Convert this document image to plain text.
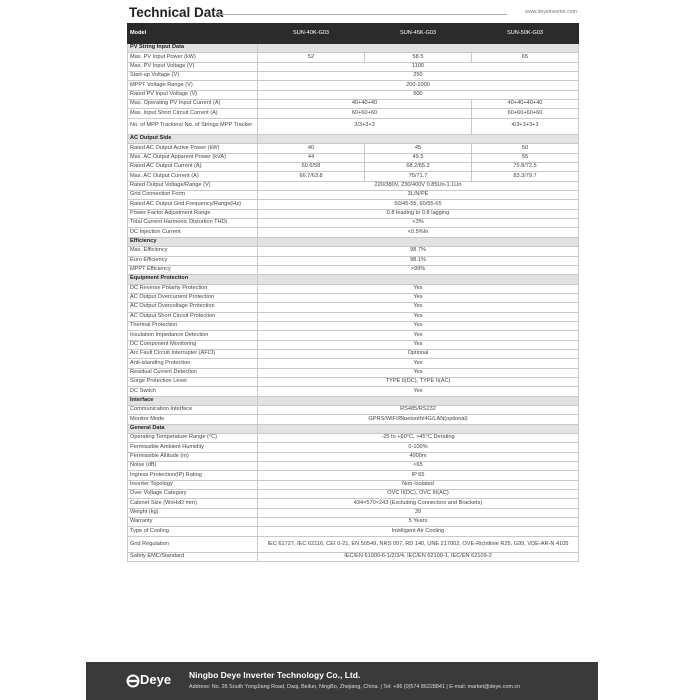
Technical Data	www.deyeinverter.com
Model	SUN-40K-G03	SUN-45K-G03	SUN-50K-G03
PV String Input Data			
Max. PV Input Power (kW)	52	58.5	65
Max. PV Input Voltage (V)	1100		
Start-up Voltage (V)	250		
MPPT Voltage Range (V)	200-1000		
Rated PV Input Voltage (V)	600		
Max. Operating PV Input Current (A)	40+40+40		40+40+40+40
Max. Input Short Circuit Current (A)	60+60+60		60+60+60+60
No. of MPP Trackers/ No. of Strings MPP Tracker	3/3+3+3		4/3+3+3+3
AC Output Side			
Rated AC Output Active Power (kW)	40	45	50
Max. AC Output Apparent Power (kVA)	44	49.5	55
Rated AC Output Current (A)	60.6/58	68.2/65.2	75.8/72.5
Max. AC Output Current (A)	66.7/63.8	75/71.7	83.3/79.7
Rated Output Voltage/Range (V)	220/380V, 230/400V 0.85Un-1.1Un		
Grid Connection Form	3L/N/PE		
Rated AC Output Grid Frequency/Range(Hz)	50/45-55, 60/55-65		
Power Factor Adjustment Range	0.8 leading to 0.8 lagging		
Total Current Harmonic Distortion THDi	<3%		
DC Injection Current	<0.5%In		
Efficiency			
Max. Efficiency	98.7%		
Euro Efficiency	98.1%		
MPPT Efficiency	>99%		
Equipment Protection			
DC Reverse Polarity Protection	Yes		
AC Output Overcurrent Protection	Yes		
AC Output Overvoltage Protection	Yes		
AC Output Short Circuit Protection	Yes		
Thermal Protection	Yes		
Insulation Impedance Detection	Yes		
DC Component Monitoring	Yes		
Arc Fault Circuit Interrupter (AFCI)	Optional		
Anti-islanding Protection	Yes		
Residual Current Detection	Yes		
Surge Protection Level	TYPE II(DC), TYPE II(AC)		
DC Switch	Yes		
Interface			
Communication Interface	RS485/RS232		
Monitor Mode	GPRS/WIFI/Bluetooth/4G/LAN(optional)		
General Data			
Operating Temperature Range (°C)	-25 to +60°C, >45°C Derating		
Permissible Ambient Humidity	0-100%		
Permissible Altitude (m)	4000m		
Noise (dB)	<65		
Ingress Protection(IP) Rating	IP 65		
Inverter Topology	Non-Isolated		
Over Voltage Category	OVC II(DC), OVC III(AC)		
Cabinet Size (WxHxD mm)	434×570×243 (Excluding Connectors and Brackets)		
Weight (kg)	39		
Warranty	5 Years		
Type of Cooling	Intelligent Air Cooling		
Grid Regulation	IEC 61727, IEC 62116, CEI 0-21, EN 50549, NRS 097, RD 140, UNE 217002, OVE-Richtlinie R25, G99, VDE-AR-N 4105		
Safety EMC/Standard	IEC/EN 61000-6-1/2/3/4, IEC/EN 62109-1, IEC/EN 62109-2		
Deye Ningbo Deye Inverter Technology Co., Ltd.
Address: No. 26 South YongJiang Road, Daqi, Beilun, NingBo, Zhejiang, China. | Tel: +86 (0)574 86228841 | E-mail: market@deye.com.cn
